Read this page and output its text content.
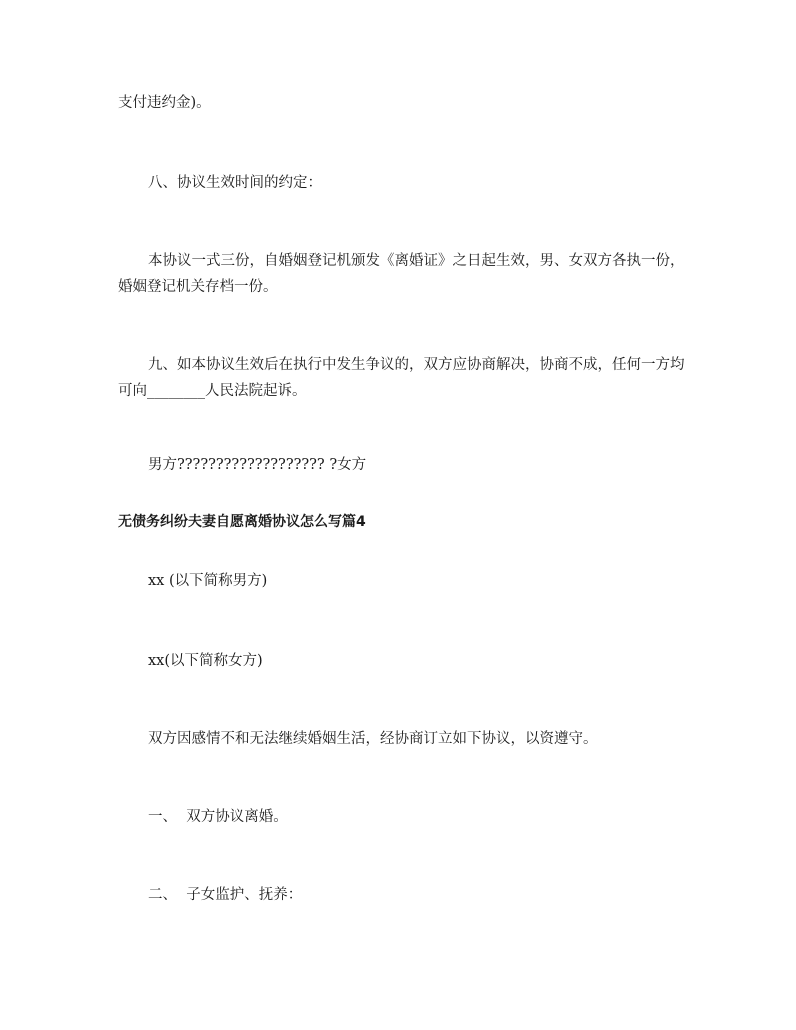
支付违约金)。

八、协议生效时间的约定：

本协议一式三份，自婚姻登记机颁发《离婚证》之日起生效，男、女双方各执一份，婚姻登记机关存档一份。

九、如本协议生效后在执行中发生争议的，双方应协商解决，协商不成，任何一方均可向________人民法院起诉。

男方??????????????????? ?女方

无债务纠纷夫妻自愿离婚协议怎么写篇4

xx (以下简称男方)

xx(以下简称女方)

双方因感情不和无法继续婚姻生活，经协商订立如下协议，以资遵守。

一、  双方协议离婚。

二、  子女监护、抚养：
